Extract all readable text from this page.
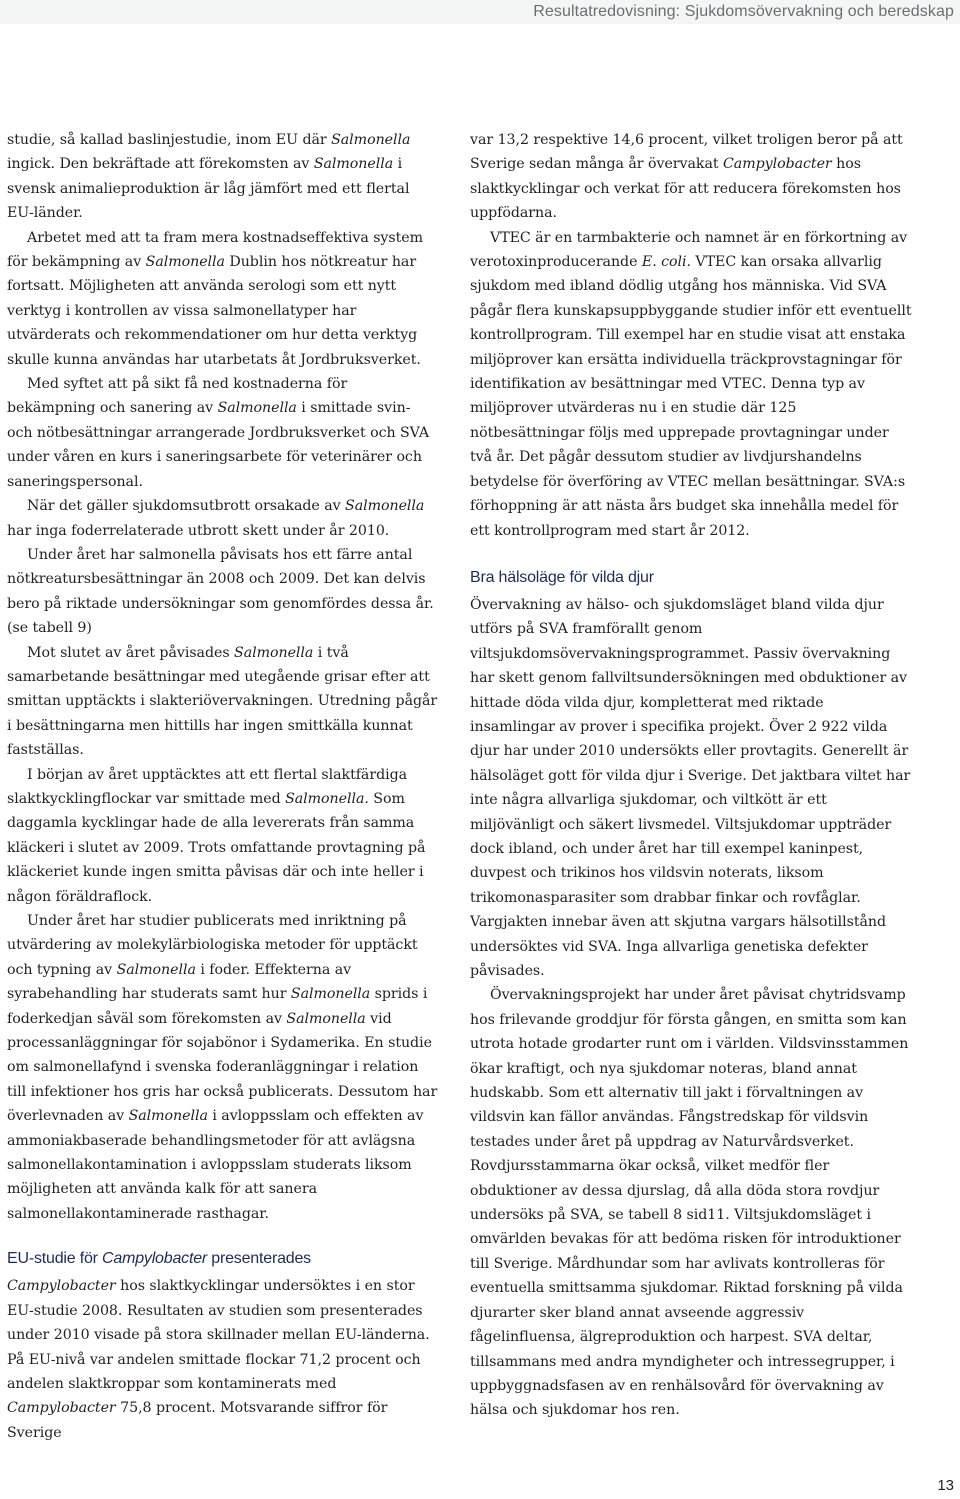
Resultatredovisning: Sjukdomsövervakning och beredskap

studie, så kallad baslinjestudie, inom EU där Salmonella ingick. Den bekräftade att förekomsten av Salmonella i svensk animalieproduktion är låg jämfört med ett flertal EU-länder.

Arbetet med att ta fram mera kostnadseffektiva system för bekämpning av Salmonella Dublin hos nötkreatur har fortsatt. Möjligheten att använda serologi som ett nytt verktyg i kontrollen av vissa salmonellatyper har utvärderats och rekommendationer om hur detta verktyg skulle kunna användas har utarbetats åt Jordbruksverket.

Med syftet att på sikt få ned kostnaderna för bekämpning och sanering av Salmonella i smittade svin- och nötbesättningar arrangerade Jordbruksverket och SVA under våren en kurs i saneringsarbete för veterinärer och saneringspersonal.

När det gäller sjukdomsutbrott orsakade av Salmonella har inga foderrelaterade utbrott skett under år 2010.

Under året har salmonella påvisats hos ett färre antal nötkreatursbesättningar än 2008 och 2009. Det kan delvis bero på riktade undersökningar som genomfördes dessa år. (se tabell 9)

Mot slutet av året påvisades Salmonella i två samarbetande besättningar med utegående grisar efter att smittan upptäckts i slakteriövervakningen. Utredning pågår i besättningarna men hittills har ingen smittkälla kunnat fastställas.

I början av året upptäcktes att ett flertal slaktfärdiga slaktkycklingflockar var smittade med Salmonella. Som daggamla kycklingar hade de alla levererats från samma kläckeri i slutet av 2009. Trots omfattande provtagning på kläckeriet kunde ingen smitta påvisas där och inte heller i någon föräldraflock.

Under året har studier publicerats med inriktning på utvärdering av molekylärbiologiska metoder för upptäckt och typning av Salmonella i foder. Effekterna av syrabehandling har studerats samt hur Salmonella sprids i foderkedjan såväl som förekomsten av Salmonella vid processanläggningar för sojabönor i Sydamerika. En studie om salmonellafynd i svenska foderanläggningar i relation till infektioner hos gris har också publicerats. Dessutom har överlevnaden av Salmonella i avloppsslam och effekten av ammoniakbaserade behandlingsmetoder för att avlägsna salmonellakontamination i avloppsslam studerats liksom möjligheten att använda kalk för att sanera salmonellakontaminerade rasthagar.

EU-studie för Campylobacter presenterades

Campylobacter hos slaktkycklingar undersöktes i en stor EU-studie 2008. Resultaten av studien som presenterades under 2010 visade på stora skillnader mellan EU-länderna. På EU-nivå var andelen smittade flockar 71,2 procent och andelen slaktkroppar som kontaminerats med Campylobacter 75,8 procent. Motsvarande siffror för Sverige

var 13,2 respektive 14,6 procent, vilket troligen beror på att Sverige sedan många år övervakat Campylobacter hos slaktkycklingar och verkat för att reducera förekomsten hos uppfödarna.

VTEC är en tarmbakterie och namnet är en förkortning av verotoxinproducerande E. coli. VTEC kan orsaka allvarlig sjukdom med ibland dödlig utgång hos människa. Vid SVA pågår flera kunskapsuppbyggande studier inför ett eventuellt kontrollprogram. Till exempel har en studie visat att enstaka miljöprover kan ersätta individuella träckprovstagningar för identifikation av besättningar med VTEC. Denna typ av miljöprover utvärderas nu i en studie där 125 nötbesättningar följs med upprepade provtagningar under två år. Det pågår dessutom studier av livdjurshandelns betydelse för överföring av VTEC mellan besättningar. SVA:s förhoppning är att nästa års budget ska innehålla medel för ett kontrollprogram med start år 2012.

Bra hälsoläge för vilda djur

Övervakning av hälso- och sjukdomsläget bland vilda djur utförs på SVA framförallt genom viltsjukdomsövervakningsprogrammet. Passiv övervakning har skett genom fallviltsundersökningen med obduktioner av hittade döda vilda djur, kompletterat med riktade insamlingar av prover i specifika projekt. Över 2 922 vilda djur har under 2010 undersökts eller provtagits. Generellt är hälsoläget gott för vilda djur i Sverige. Det jaktbara viltet har inte några allvarliga sjukdomar, och viltkött är ett miljövänligt och säkert livsmedel. Viltsjukdomar uppträder dock ibland, och under året har till exempel kaninpest, duvpest och trikinos hos vildsvin noterats, liksom trikomonasparasiter som drabbar finkar och rovfåglar. Vargjakten innebar även att skjutna vargars hälsotillstånd undersöktes vid SVA. Inga allvarliga genetiska defekter påvisades.

Övervakningsprojekt har under året påvisat chytridsvamp hos frilevande groddjur för första gången, en smitta som kan utrota hotade grodarter runt om i världen. Vildsvinsstammen ökar kraftigt, och nya sjukdomar noteras, bland annat hudskabb. Som ett alternativ till jakt i förvaltningen av vildsvin kan fällor användas. Fångstredskap för vildsvin testades under året på uppdrag av Naturvårdsverket. Rovdjursstammarna ökar också, vilket medför fler obduktioner av dessa djurslag, då alla döda stora rovdjur undersöks på SVA, se tabell 8 sid11. Viltsjukdomsläget i omvärlden bevakas för att bedöma risken för introduktioner till Sverige. Mårdhundar som har avlivats kontrolleras för eventuella smittsamma sjukdomar. Riktad forskning på vilda djurarter sker bland annat avseende aggressiv fågelinfluensa, älgreproduktion och harpest. SVA deltar, tillsammans med andra myndigheter och intressegrupper, i uppbyggnadsfasen av en renhälsovård för övervakning av hälsa och sjukdomar hos ren.

13
